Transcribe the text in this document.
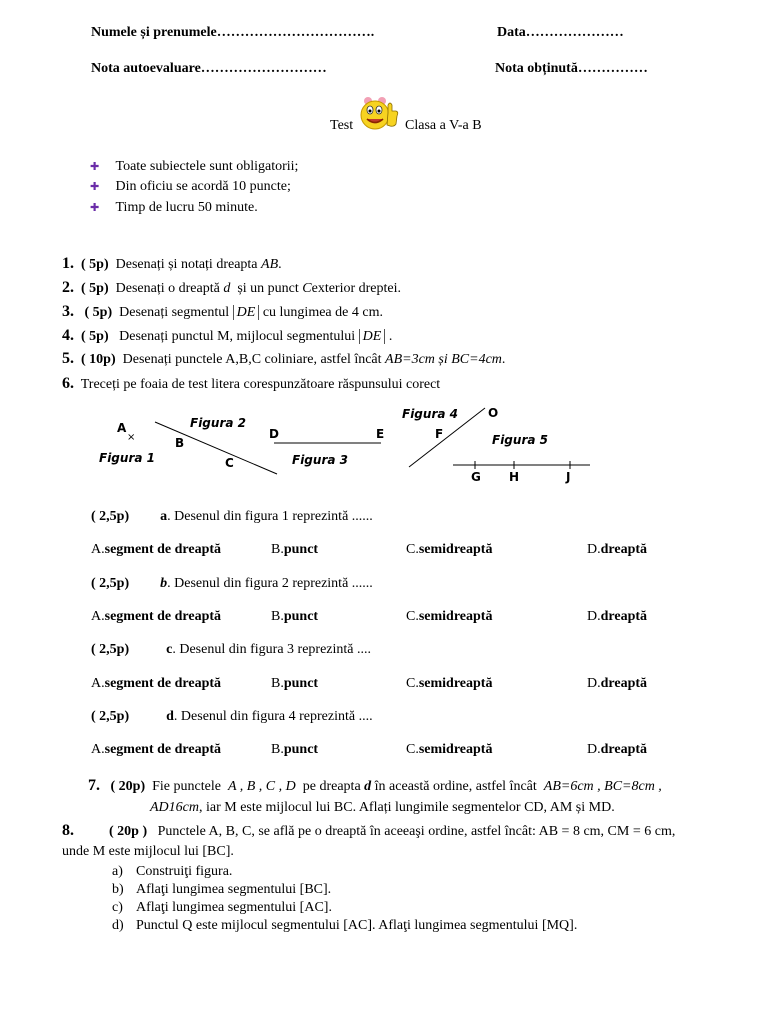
Numele și prenumele…………………………….	Data…………………
Nota autoevaluare………………………	Nota obținută……………
Test	Clasa a V-a B
✚ Toate subiectele sunt obligatorii;
✚ Din oficiu se acordă 10 puncte;
✚ Timp de lucru 50 minute.
1. ( 5p) Desenați și notați dreapta AB.
2. ( 5p) Desenați o dreaptă d și un punct Cexterior dreptei.
3. ( 5p) Desenați segmentul DE cu lungimea de 4 cm.
4. ( 5p) Desenați punctul M, mijlocul segmentului DE .
5. ( 10p) Desenați punctele A,B,C coliniare, astfel încât AB=3cm și BC=4cm.
6. Treceți pe foaia de test litera corespunzătoare răspunsului corect
A
×
Figura 1
Figura 2
B
C
D	E
Figura 3
Figura 4	O
F	Figura 5
G H	J
( 2,5p) a. Desenul din figura 1 reprezintă ......
A.segment de dreaptă	B.punct	C.semidreaptă	D.dreaptă
( 2,5p) b. Desenul din figura 2 reprezintă ......
A.segment de dreaptă	B.punct	C.semidreaptă	D.dreaptă
( 2,5p)	c. Desenul din figura 3 reprezintă ....
A.segment de dreaptă	B.punct	C.semidreaptă	D.dreaptă
( 2,5p)	d. Desenul din figura 4 reprezintă ....
A.segment de dreaptă	B.punct	C.semidreaptă	D.dreaptă
7. ( 20p) Fie punctele A , B , C , D pe dreapta d în această ordine, astfel încât AB=6cm , BC=8cm ,
AD16cm, iar M este mijlocul lui BC. Aflați lungimile segmentelor CD, AM și MD.
8.	( 20p ) Punctele A, B, C, se află pe o dreaptă în aceeaşi ordine, astfel încât: AB = 8 cm, CM = 6 cm,
unde M este mijlocul lui [BC].
a) Construiţi figura.
b) Aflaţi lungimea segmentului [BC].
c) Aflaţi lungimea segmentului [AC].
d) Punctul Q este mijlocul segmentului [AC]. Aflaţi lungimea segmentului [MQ].
